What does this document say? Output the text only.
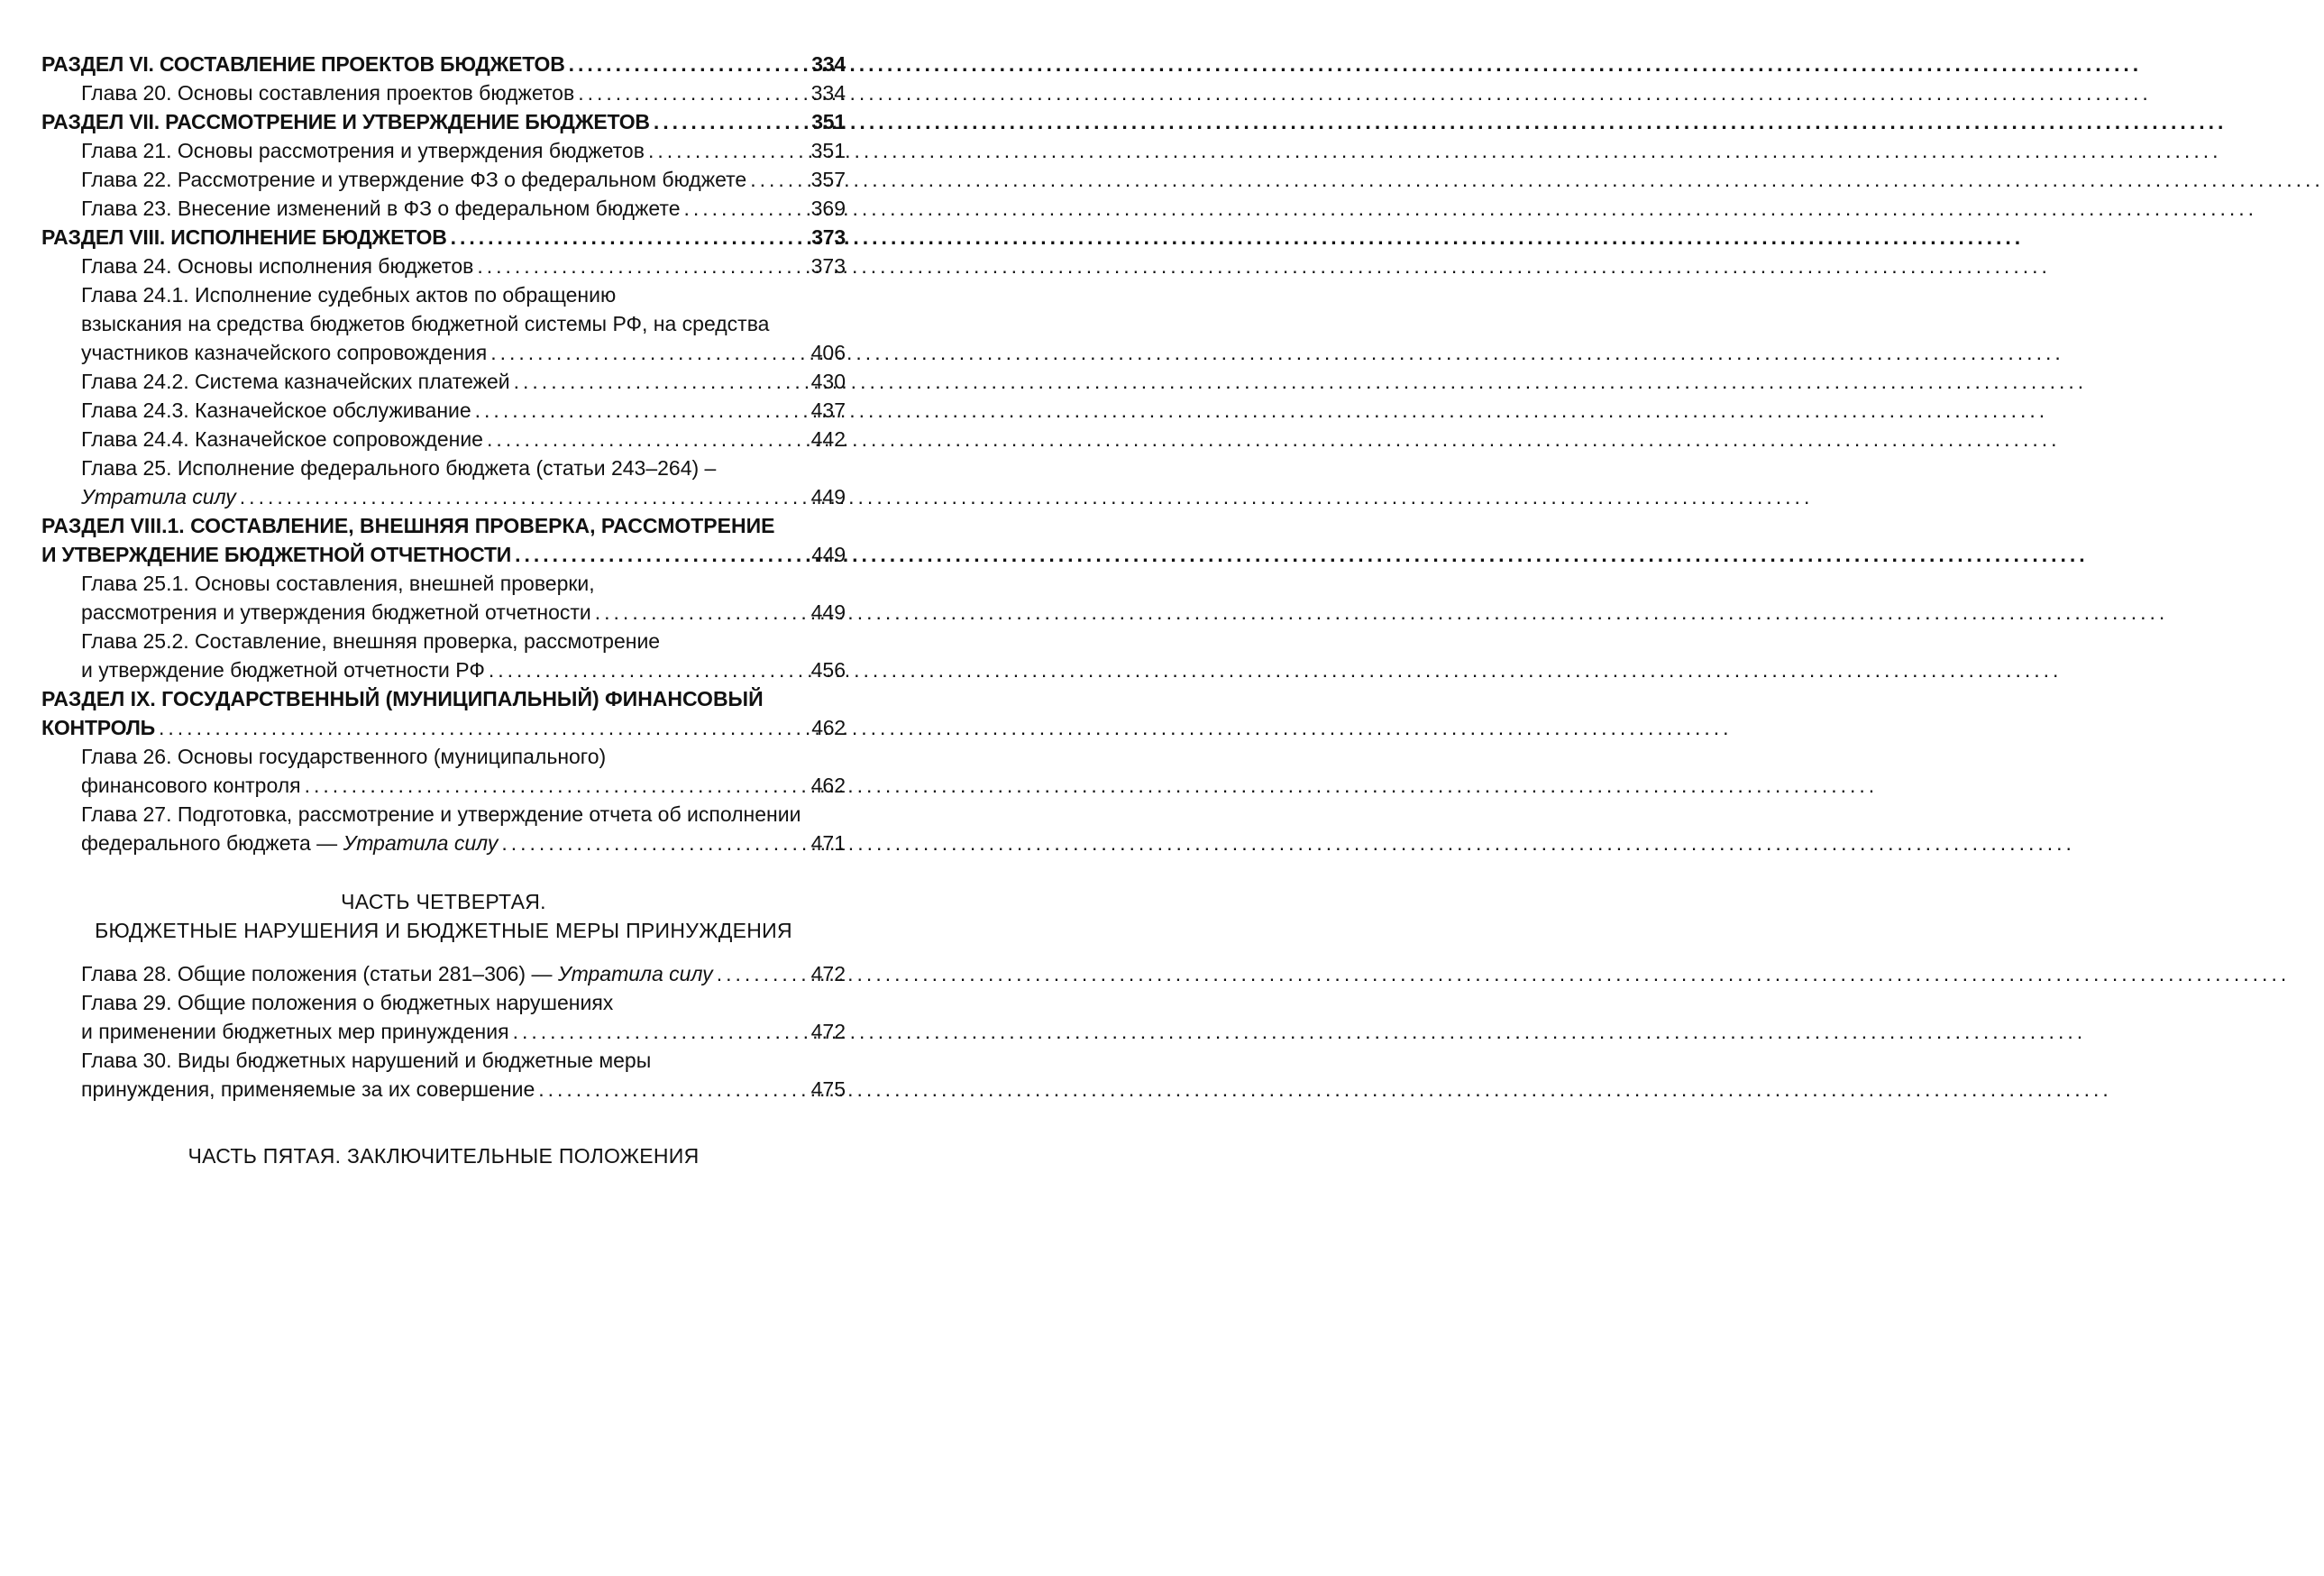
РАЗДЕЛ VI. СОСТАВЛЕНИЕ ПРОЕКТОВ БЮДЖЕТОВ .....	334
Глава 20. Основы составления проектов бюджетов .....	334
РАЗДЕЛ VII. РАССМОТРЕНИЕ И УТВЕРЖДЕНИЕ БЮДЖЕТОВ .....	351
Глава 21. Основы рассмотрения и утверждения бюджетов .....	351
Глава 22. Рассмотрение и утверждение ФЗ о федеральном бюджете .....	357
Глава 23. Внесение изменений в ФЗ о федеральном бюджете .....	369
РАЗДЕЛ VIII. ИСПОЛНЕНИЕ БЮДЖЕТОВ .....	373
Глава 24. Основы исполнения бюджетов .....	373
Глава 24.1. Исполнение судебных актов по обращению
взыскания на средства бюджетов бюджетной системы РФ, на средства
участников казначейского сопровождения .....	406
Глава 24.2. Система казначейских платежей .....	430
Глава 24.3. Казначейское обслуживание .....	437
Глава 24.4. Казначейское сопровождение .....	442
Глава 25. Исполнение федерального бюджета (статьи 243–264) –
Утратила силу .....	449
РАЗДЕЛ VIII.1. СОСТАВЛЕНИЕ, ВНЕШНЯЯ ПРОВЕРКА, РАССМОТРЕНИЕ
И УТВЕРЖДЕНИЕ БЮДЖЕТНОЙ ОТЧЕТНОСТИ .....	449
Глава 25.1. Основы составления, внешней проверки,
рассмотрения и утверждения бюджетной отчетности .....	449
Глава 25.2. Составление, внешняя проверка, рассмотрение
и утверждение бюджетной отчетности РФ .....	456
РАЗДЕЛ IX. ГОСУДАРСТВЕННЫЙ (МУНИЦИПАЛЬНЫЙ) ФИНАНСОВЫЙ
КОНТРОЛЬ .....	462
Глава 26. Основы государственного (муниципального)
финансового контроля .....	462
Глава 27. Подготовка, рассмотрение и утверждение отчета об исполнении
федерального бюджета — Утратила силу .....	471
ЧАСТЬ ЧЕТВЕРТАЯ.
БЮДЖЕТНЫЕ НАРУШЕНИЯ И БЮДЖЕТНЫЕ МЕРЫ ПРИНУЖДЕНИЯ
Глава 28. Общие положения (статьи 281–306) — Утратила силу .....	472
Глава 29. Общие положения о бюджетных нарушениях
и применении бюджетных мер принуждения .....	472
Глава 30. Виды бюджетных нарушений и бюджетные меры
принуждения, применяемые за их совершение .....	475
ЧАСТЬ ПЯТАЯ. ЗАКЛЮЧИТЕЛЬНЫЕ ПОЛОЖЕНИЯ
